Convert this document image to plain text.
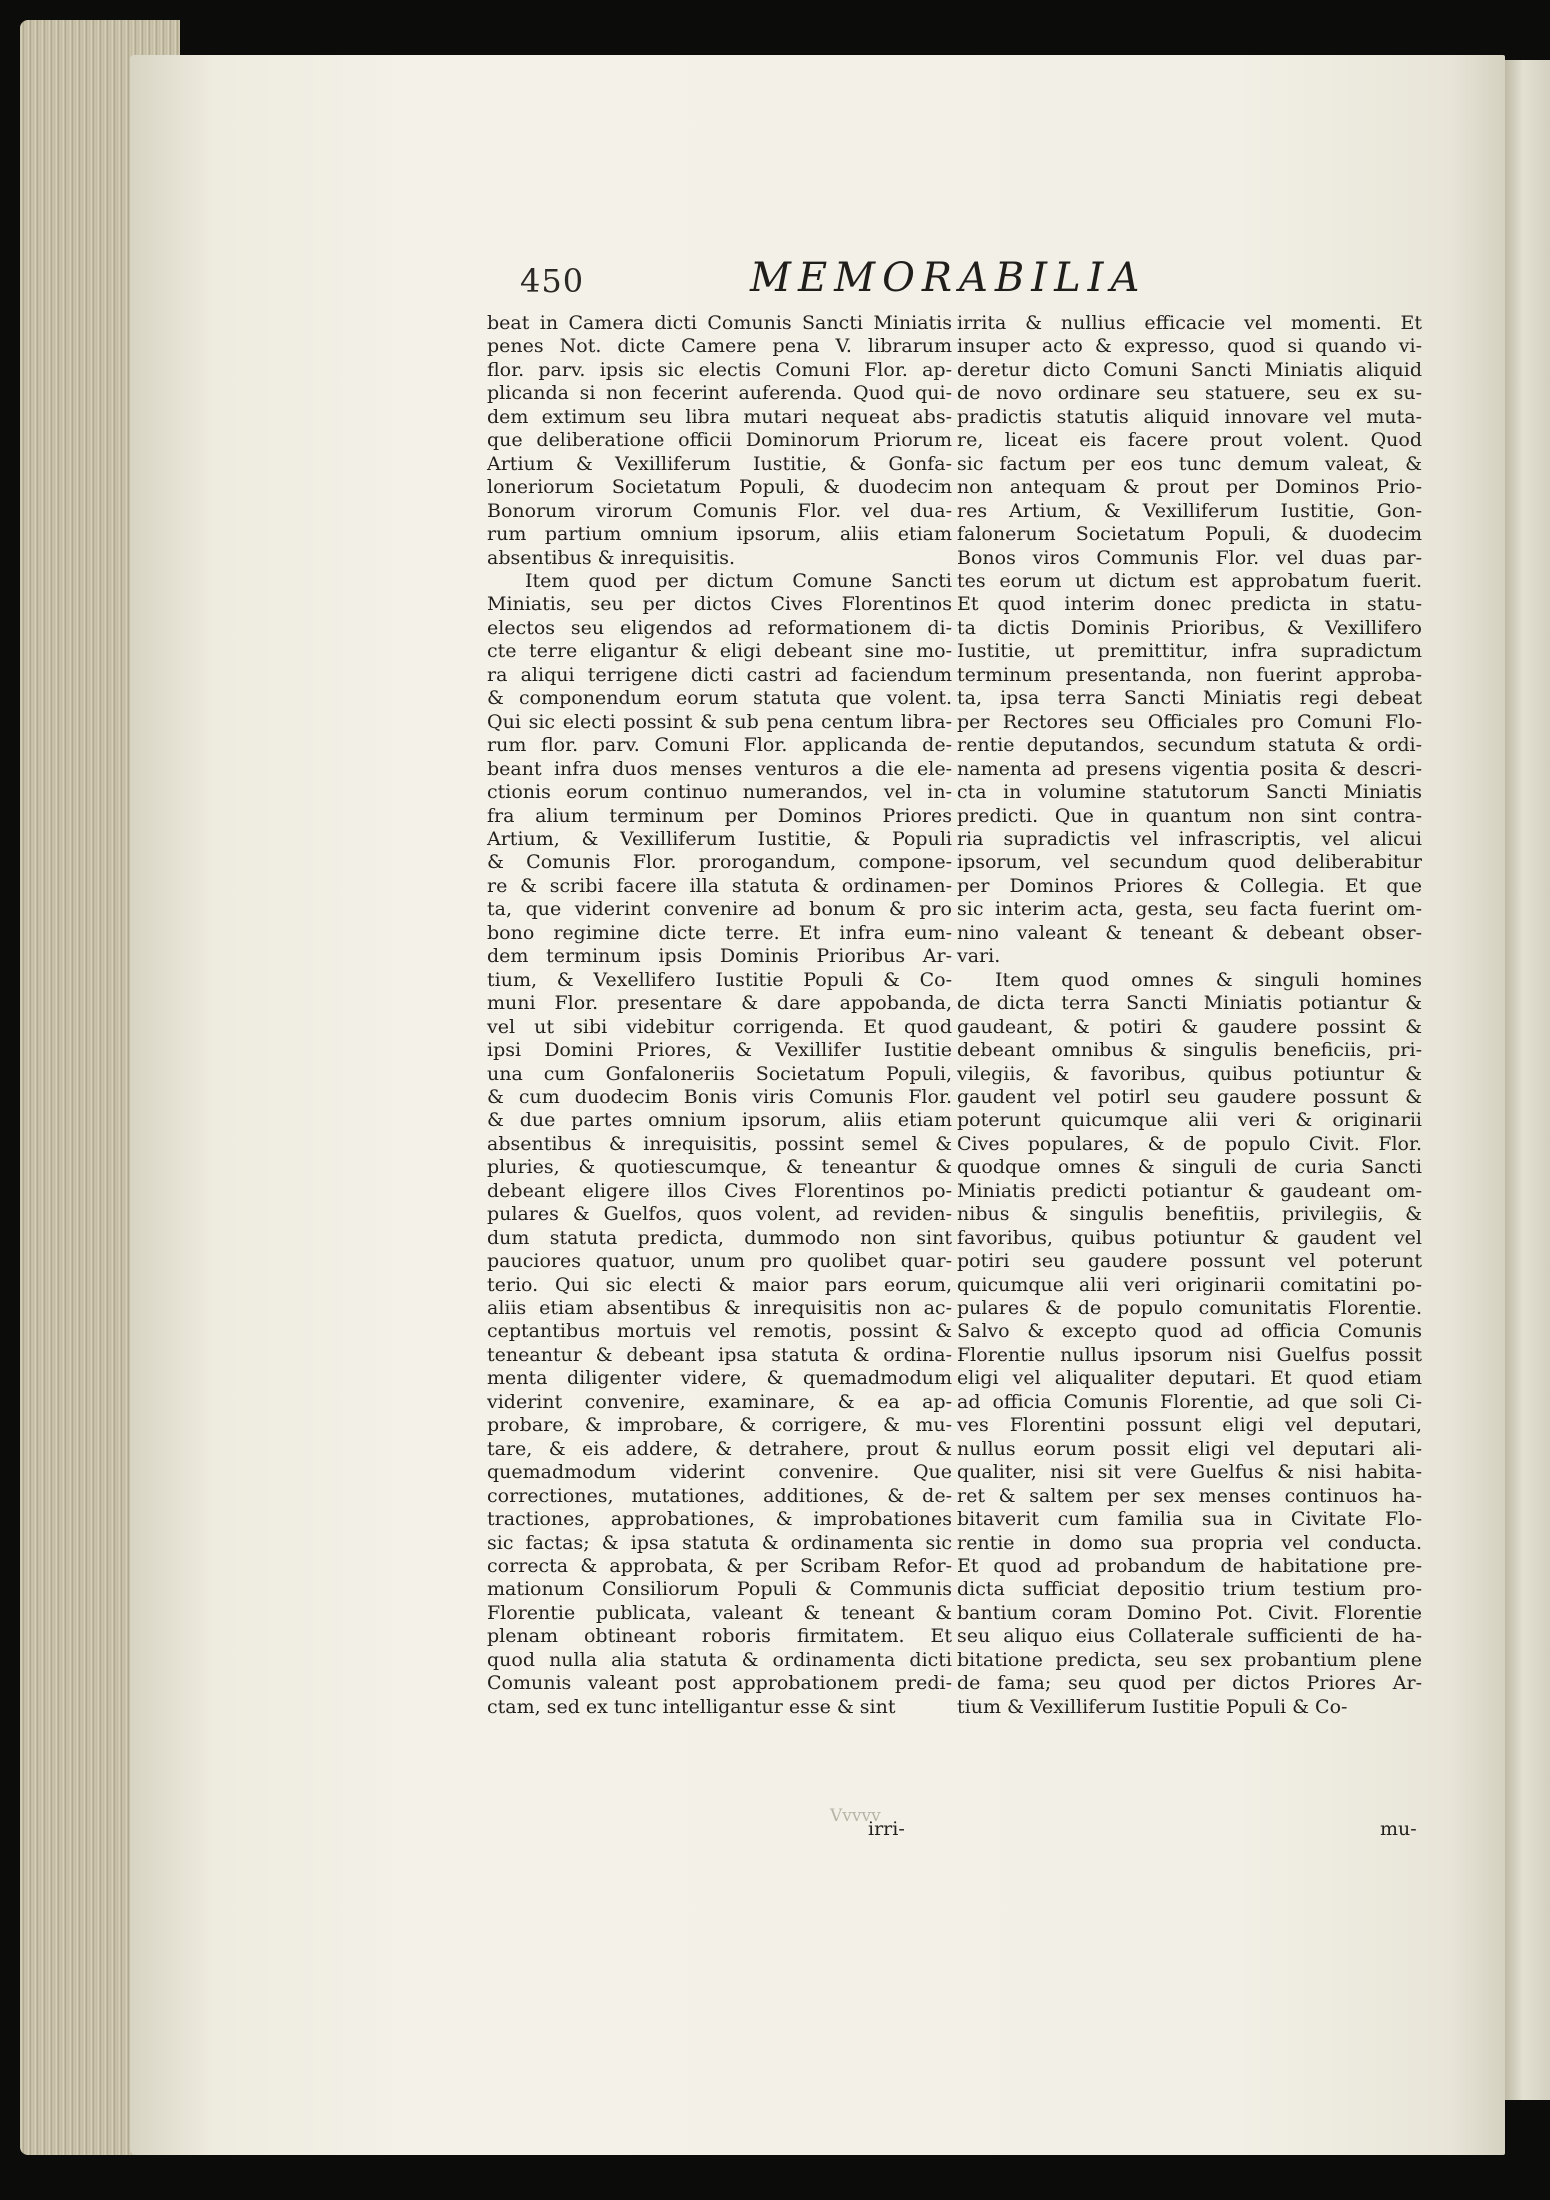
450	MEMORABILIA
beat in Camera dicti Comunis Sancti Miniatis
penes Not. dicte Camere pena V. librarum
flor. parv. ipsis sic electis Comuni Flor. ap-
plicanda si non fecerint auferenda. Quod qui-
dem extimum seu libra mutari nequeat abs-
que deliberatione officii Dominorum Priorum
Artium & Vexilliferum Iustitie, & Gonfa-
loneriorum Societatum Populi, & duodecim
Bonorum virorum Comunis Flor. vel dua-
rum partium omnium ipsorum, aliis etiam
absentibus & inrequisitis.
Item quod per dictum Comune Sancti
Miniatis, seu per dictos Cives Florentinos
electos seu eligendos ad reformationem di-
cte terre eligantur & eligi debeant sine mo-
ra aliqui terrigene dicti castri ad faciendum
& componendum eorum statuta que volent.
Qui sic electi possint & sub pena centum libra-
rum flor. parv. Comuni Flor. applicanda de-
beant infra duos menses venturos a die ele-
ctionis eorum continuo numerandos, vel in-
fra alium terminum per Dominos Priores
Artium, & Vexilliferum Iustitie, & Populi
& Comunis Flor. prorogandum, compone-
re & scribi facere illa statuta & ordinamen-
ta, que viderint convenire ad bonum & pro
bono regimine dicte terre. Et infra eum-
dem terminum ipsis Dominis Prioribus Ar-
tium, & Vexellifero Iustitie Populi & Co-
muni Flor. presentare & dare appobanda,
vel ut sibi videbitur corrigenda. Et quod
ipsi Domini Priores, & Vexillifer Iustitie
una cum Gonfaloneriis Societatum Populi,
& cum duodecim Bonis viris Comunis Flor.
& due partes omnium ipsorum, aliis etiam
absentibus & inrequisitis, possint semel &
pluries, & quotiescumque, & teneantur &
debeant eligere illos Cives Florentinos po-
pulares & Guelfos, quos volent, ad reviden-
dum statuta predicta, dummodo non sint
pauciores quatuor, unum pro quolibet quar-
terio. Qui sic electi & maior pars eorum,
aliis etiam absentibus & inrequisitis non ac-
ceptantibus mortuis vel remotis, possint &
teneantur & debeant ipsa statuta & ordina-
menta diligenter videre, & quemadmodum
viderint convenire, examinare, & ea ap-
probare, & improbare, & corrigere, & mu-
tare, & eis addere, & detrahere, prout &
quemadmodum viderint convenire. Que
correctiones, mutationes, additiones, & de-
tractiones, approbationes, & improbationes
sic factas; & ipsa statuta & ordinamenta sic
correcta & approbata, & per Scribam Refor-
mationum Consiliorum Populi & Communis
Florentie publicata, valeant & teneant &
plenam obtineant roboris firmitatem. Et
quod nulla alia statuta & ordinamenta dicti
Comunis valeant post approbationem predi-
ctam, sed ex tunc intelligantur esse & sint
irrita & nullius efficacie vel momenti. Et
insuper acto & expresso, quod si quando vi-
deretur dicto Comuni Sancti Miniatis aliquid
de novo ordinare seu statuere, seu ex su-
pradictis statutis aliquid innovare vel muta-
re, liceat eis facere prout volent. Quod
sic factum per eos tunc demum valeat, &
non antequam & prout per Dominos Prio-
res Artium, & Vexilliferum Iustitie, Gon-
falonerum Societatum Populi, & duodecim
Bonos viros Communis Flor. vel duas par-
tes eorum ut dictum est approbatum fuerit.
Et quod interim donec predicta in statu-
ta dictis Dominis Prioribus, & Vexillifero
Iustitie, ut premittitur, infra supradictum
terminum presentanda, non fuerint approba-
ta, ipsa terra Sancti Miniatis regi debeat
per Rectores seu Officiales pro Comuni Flo-
rentie deputandos, secundum statuta & ordi-
namenta ad presens vigentia posita & descri-
cta in volumine statutorum Sancti Miniatis
predicti. Que in quantum non sint contra-
ria supradictis vel infrascriptis, vel alicui
ipsorum, vel secundum quod deliberabitur
per Dominos Priores & Collegia. Et que
sic interim acta, gesta, seu facta fuerint om-
nino valeant & teneant & debeant obser-
vari.
Item quod omnes & singuli homines
de dicta terra Sancti Miniatis potiantur &
gaudeant, & potiri & gaudere possint &
debeant omnibus & singulis beneficiis, pri-
vilegiis, & favoribus, quibus potiuntur &
gaudent vel potirl seu gaudere possunt &
poterunt quicumque alii veri & originarii
Cives populares, & de populo Civit. Flor.
quodque omnes & singuli de curia Sancti
Miniatis predicti potiantur & gaudeant om-
nibus & singulis benefitiis, privilegiis, &
favoribus, quibus potiuntur & gaudent vel
potiri seu gaudere possunt vel poterunt
quicumque alii veri originarii comitatini po-
pulares & de populo comunitatis Florentie.
Salvo & excepto quod ad officia Comunis
Florentie nullus ipsorum nisi Guelfus possit
eligi vel aliqualiter deputari. Et quod etiam
ad officia Comunis Florentie, ad que soli Ci-
ves Florentini possunt eligi vel deputari,
nullus eorum possit eligi vel deputari ali-
qualiter, nisi sit vere Guelfus & nisi habita-
ret & saltem per sex menses continuos ha-
bitaverit cum familia sua in Civitate Flo-
rentie in domo sua propria vel conducta.
Et quod ad probandum de habitatione pre-
dicta sufficiat depositio trium testium pro-
bantium coram Domino Pot. Civit. Florentie
seu aliquo eius Collaterale sufficienti de ha-
bitatione predicta, seu sex probantium plene
de fama; seu quod per dictos Priores Ar-
tium & Vexilliferum Iustitie Populi & Co-
Vvvvv
irri-	mu-
